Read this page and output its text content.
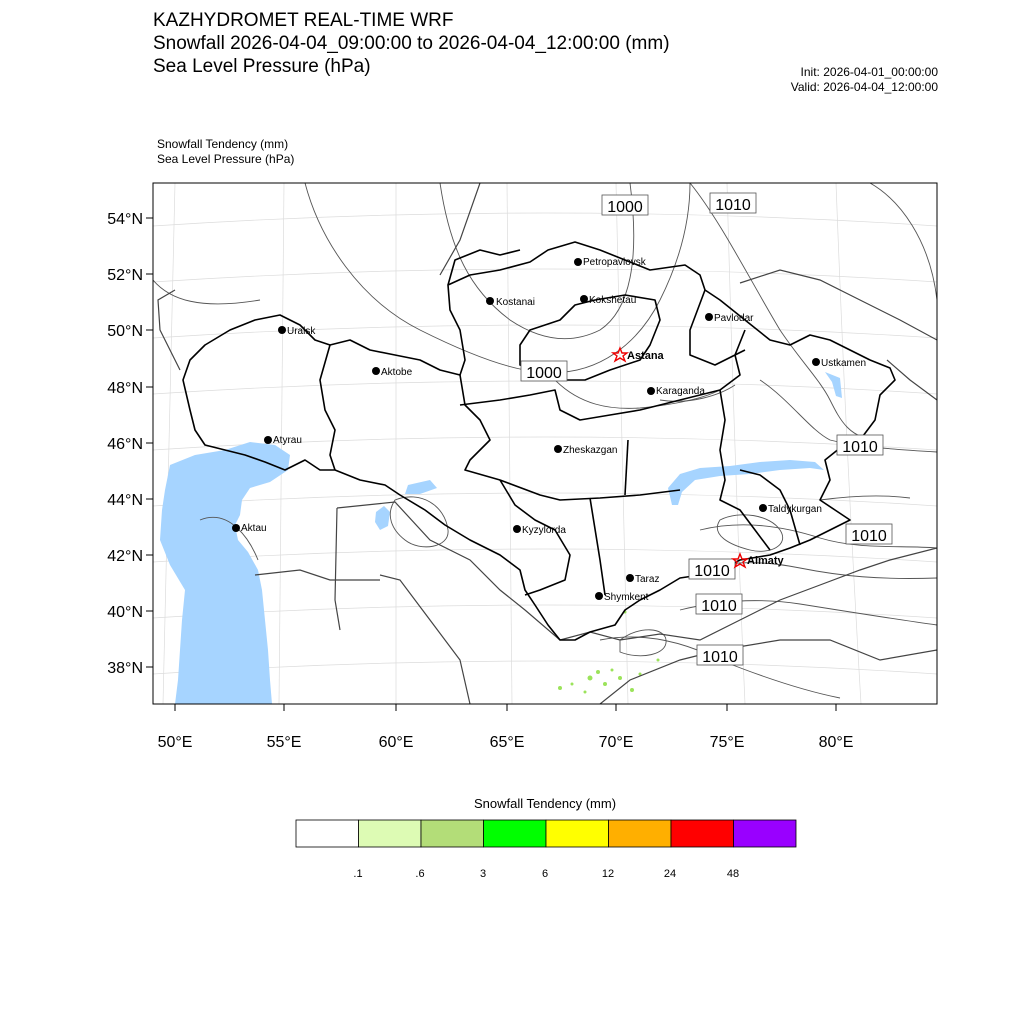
KAZHYDROMET REAL-TIME WRF
Snowfall 2026-04-04_09:00:00 to 2026-04-04_12:00:00 (mm)
Sea Level Pressure (hPa)	Init: 2026-04-01_00:00:00
Valid: 2026-04-04_12:00:00
Snowfall Tendency (mm)
Sea Level Pressure (hPa)
54°N
52°N
50°N
48°N
46°N
44°N
42°N
40°N
38°N
50°E	55°E	60°E	65°E	70°E	75°E	80°E
1000	1010
1000
1010
1010
1010
1010
1010
Petropavlovsk
Kostanai	Kokshetau
Pavlodar
Uralsk
Astana
Aktobe
Karaganda
Ustkamen
Atyrau
Zheskazgan
Aktau	Kyzylorda
Taldykurgan
Almaty
Taraz
Shymkent
Snowfall Tendency (mm)
.1	.6	3	6	12	24	48
